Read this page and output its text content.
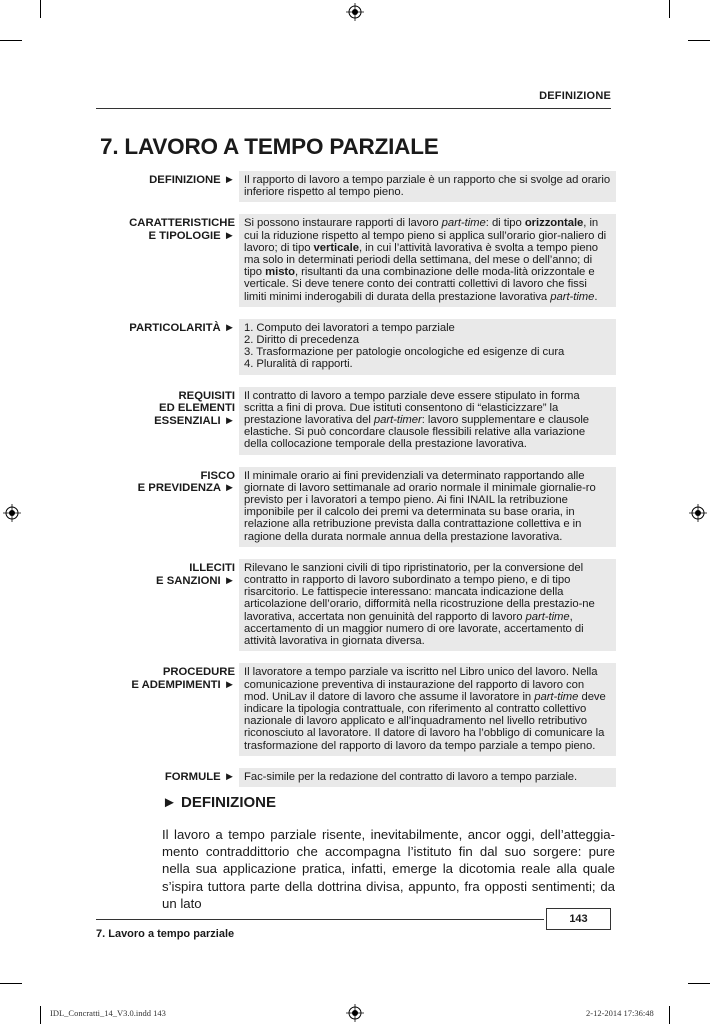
DEFINIZIONE
7. LAVORO A TEMPO PARZIALE
DEFINIZIONE ► Il rapporto di lavoro a tempo parziale è un rapporto che si svolge ad orario inferiore rispetto al tempo pieno.
CARATTERISTICHE
E TIPOLOGIE ►
Si possono instaurare rapporti di lavoro part-time: di tipo orizzontale, in cui la riduzione rispetto al tempo pieno si applica sull’orario gior-naliero di lavoro; di tipo verticale, in cui l’attività lavorativa è svolta a tempo pieno ma solo in determinati periodi della settimana, del mese o dell’anno; di tipo misto, risultanti da una combinazione delle moda-lità orizzontale e verticale. Si deve tenere conto dei contratti collettivi di lavoro che fissi limiti minimi inderogabili di durata della prestazione lavorativa part-time.
PARTICOLARITÀ ► 1. Computo dei lavoratori a tempo parziale
2. Diritto di precedenza
3. Trasformazione per patologie oncologiche ed esigenze di cura
4. Pluralità di rapporti.
REQUISITI
ED ELEMENTI
ESSENZIALI ►
Il contratto di lavoro a tempo parziale deve essere stipulato in forma scritta a fini di prova. Due istituti consentono di “elasticizzare” la prestazione lavorativa del part-timer: lavoro supplementare e clausole elastiche. Si può concordare clausole flessibili relative alla variazione della collocazione temporale della prestazione lavorativa.
FISCO
E PREVIDENZA ►
Il minimale orario ai fini previdenziali va determinato rapportando alle giornate di lavoro settimanale ad orario normale il minimale giornalie-ro previsto per i lavoratori a tempo pieno. Ai fini INAIL la retribuzione imponibile per il calcolo dei premi va determinata su base oraria, in relazione alla retribuzione prevista dalla contrattazione collettiva e in ragione della durata normale annua della prestazione lavorativa.
ILLECITI
E SANZIONI ►
Rilevano le sanzioni civili di tipo ripristinatorio, per la conversione del contratto in rapporto di lavoro subordinato a tempo pieno, e di tipo risarcitorio. Le fattispecie interessano: mancata indicazione della articolazione dell’orario, difformità nella ricostruzione della prestazio-ne lavorativa, accertata non genuinità del rapporto di lavoro part-time, accertamento di un maggior numero di ore lavorate, accertamento di attività lavorativa in giornata diversa.
PROCEDURE
E ADEMPIMENTI ►
Il lavoratore a tempo parziale va iscritto nel Libro unico del lavoro. Nella comunicazione preventiva di instaurazione del rapporto di lavoro con mod. UniLav il datore di lavoro che assume il lavoratore in part-time deve indicare la tipologia contrattuale, con riferimento al contratto collettivo nazionale di lavoro applicato e all’inquadramento nel livello retributivo riconosciuto al lavoratore. Il datore di lavoro ha l’obbligo di comunicare la trasformazione del rapporto di lavoro da tempo parziale a tempo pieno.
FORMULE ► Fac-simile per la redazione del contratto di lavoro a tempo parziale.
► DEFINIZIONE

Il lavoro a tempo parziale risente, inevitabilmente, ancor oggi, dell’atteggia-mento contraddittorio che accompagna l’istituto fin dal suo sorgere: pure nella sua applicazione pratica, infatti, emerge la dicotomia reale alla quale s’ispira tuttora parte della dottrina divisa, appunto, fra opposti sentimenti; da un lato

143
7. Lavoro a tempo parziale
IDL_Concratti_14_V3.0.indd 143	2-12-2014 17:36:48
